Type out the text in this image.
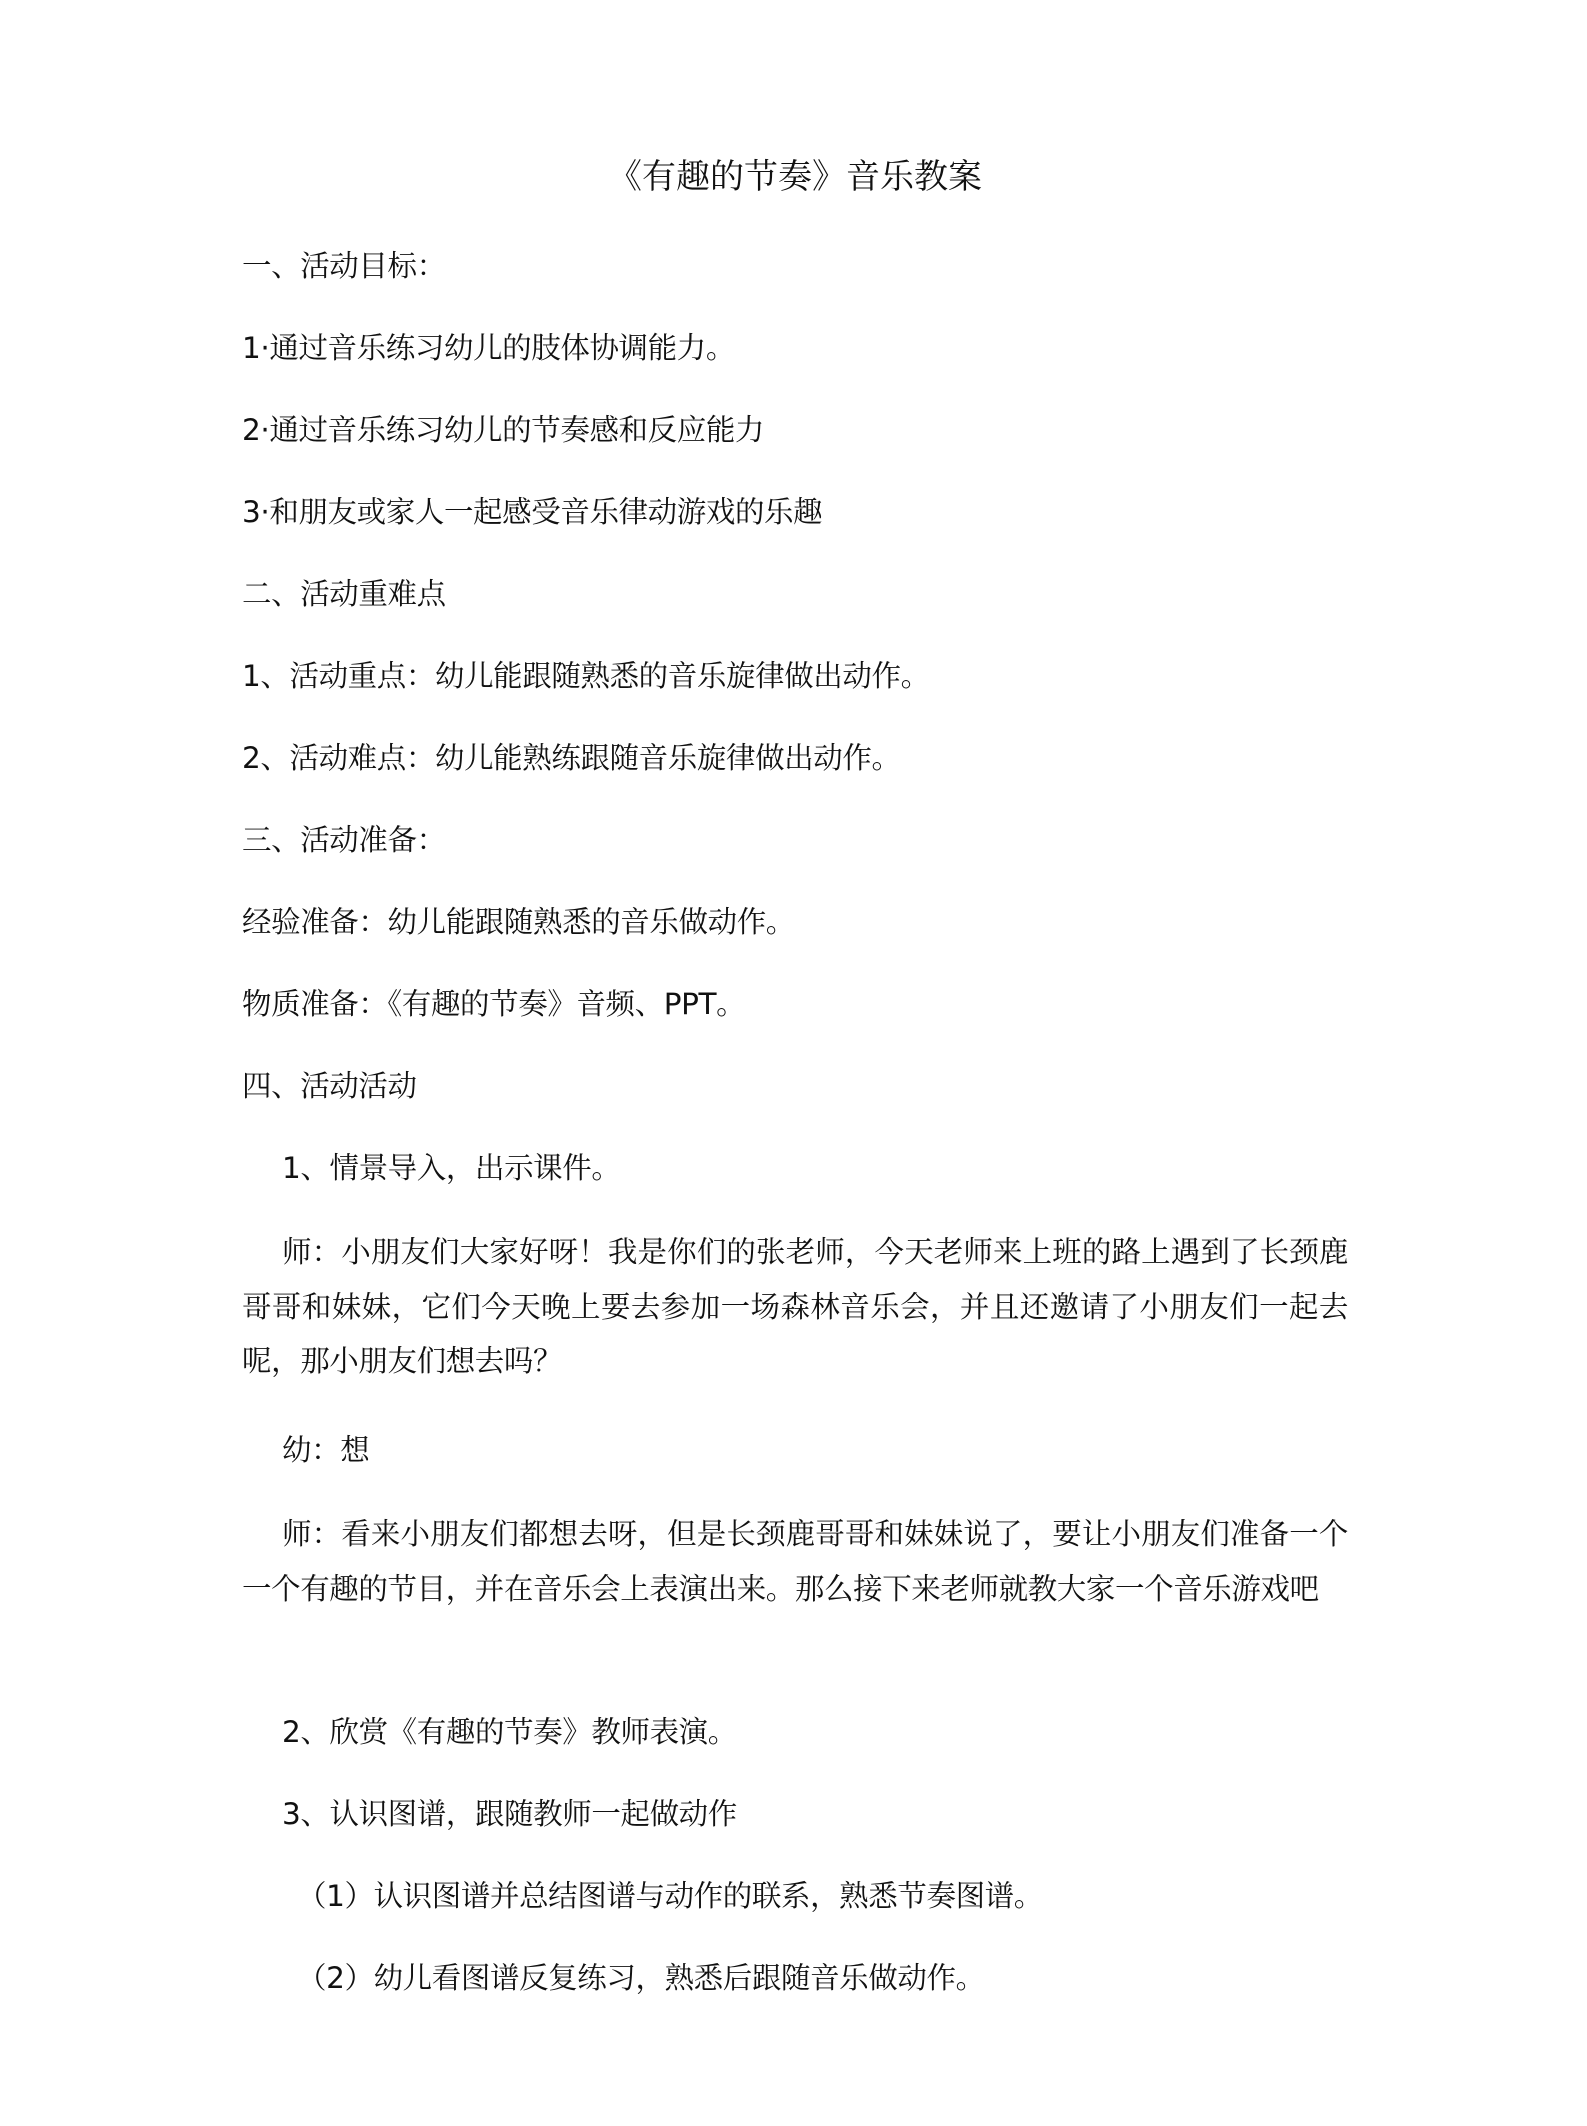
《有趣的节奏》音乐教案
一、活动目标：
1·通过音乐练习幼儿的肢体协调能力。
2·通过音乐练习幼儿的节奏感和反应能力
3·和朋友或家人一起感受音乐律动游戏的乐趣
二、活动重难点
1、活动重点：幼儿能跟随熟悉的音乐旋律做出动作。
2、活动难点：幼儿能熟练跟随音乐旋律做出动作。
三、活动准备：
经验准备：幼儿能跟随熟悉的音乐做动作。
物质准备：《有趣的节奏》音频、PPT。
四、活动活动
1、情景导入，出示课件。
师：小朋友们大家好呀！我是你们的张老师，今天老师来上班的路上遇到了长颈鹿哥哥和妹妹，它们今天晚上要去参加一场森林音乐会，并且还邀请了小朋友们一起去呢，那小朋友们想去吗？
幼：想
师：看来小朋友们都想去呀，但是长颈鹿哥哥和妹妹说了，要让小朋友们准备一个一个有趣的节目，并在音乐会上表演出来。那么接下来老师就教大家一个音乐游戏吧
2、欣赏《有趣的节奏》教师表演。
3、认识图谱，跟随教师一起做动作
（1）认识图谱并总结图谱与动作的联系，熟悉节奏图谱。
（2）幼儿看图谱反复练习，熟悉后跟随音乐做动作。
